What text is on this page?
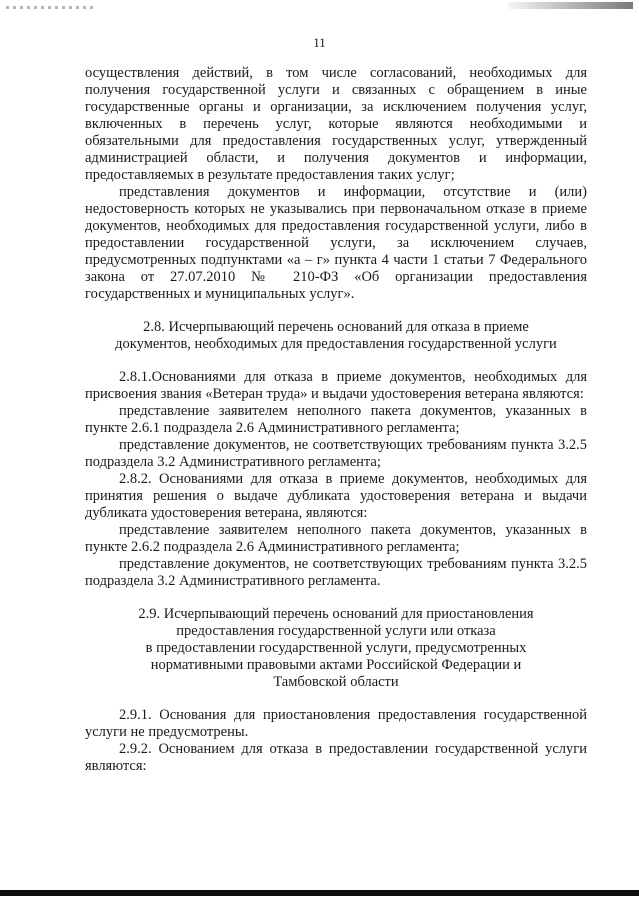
11

осуществления действий, в том числе согласований, необходимых для получения государственной услуги и связанных с обращением в иные государственные органы и организации, за исключением получения услуг, включенных в перечень услуг, которые являются необходимыми и обязательными для предоставления государственных услуг, утвержденный администрацией области, и получения документов и информации, предоставляемых в результате предоставления таких услуг;

представления документов и информации, отсутствие и (или) недостоверность которых не указывались при первоначальном отказе в приеме документов, необходимых для предоставления государственной услуги, либо в предоставлении государственной услуги, за исключением случаев, предусмотренных подпунктами «а – г» пункта 4 части 1 статьи 7 Федерального закона от 27.07.2010 № 210-ФЗ «Об организации предоставления государственных и муниципальных услуг».

2.8. Исчерпывающий перечень оснований для отказа в приеме
документов, необходимых для предоставления государственной услуги

2.8.1.Основаниями для отказа в приеме документов, необходимых для присвоения звания «Ветеран труда» и выдачи удостоверения ветерана являются:

представление заявителем неполного пакета документов, указанных в пункте 2.6.1 подраздела 2.6 Административного регламента;

представление документов, не соответствующих требованиям пункта 3.2.5 подраздела 3.2 Административного регламента;

2.8.2. Основаниями для отказа в приеме документов, необходимых для принятия решения о выдаче дубликата удостоверения ветерана и выдачи дубликата удостоверения ветерана, являются:

представление заявителем неполного пакета документов, указанных в пункте 2.6.2 подраздела 2.6 Административного регламента;

представление документов, не соответствующих требованиям пункта 3.2.5 подраздела 3.2 Административного регламента.

2.9. Исчерпывающий перечень оснований для приостановления
предоставления государственной услуги или отказа
в предоставлении государственной услуги, предусмотренных
нормативными правовыми актами Российской Федерации и
Тамбовской области

2.9.1. Основания для приостановления предоставления государственной услуги не предусмотрены.

2.9.2. Основанием для отказа в предоставлении государственной услуги являются:
